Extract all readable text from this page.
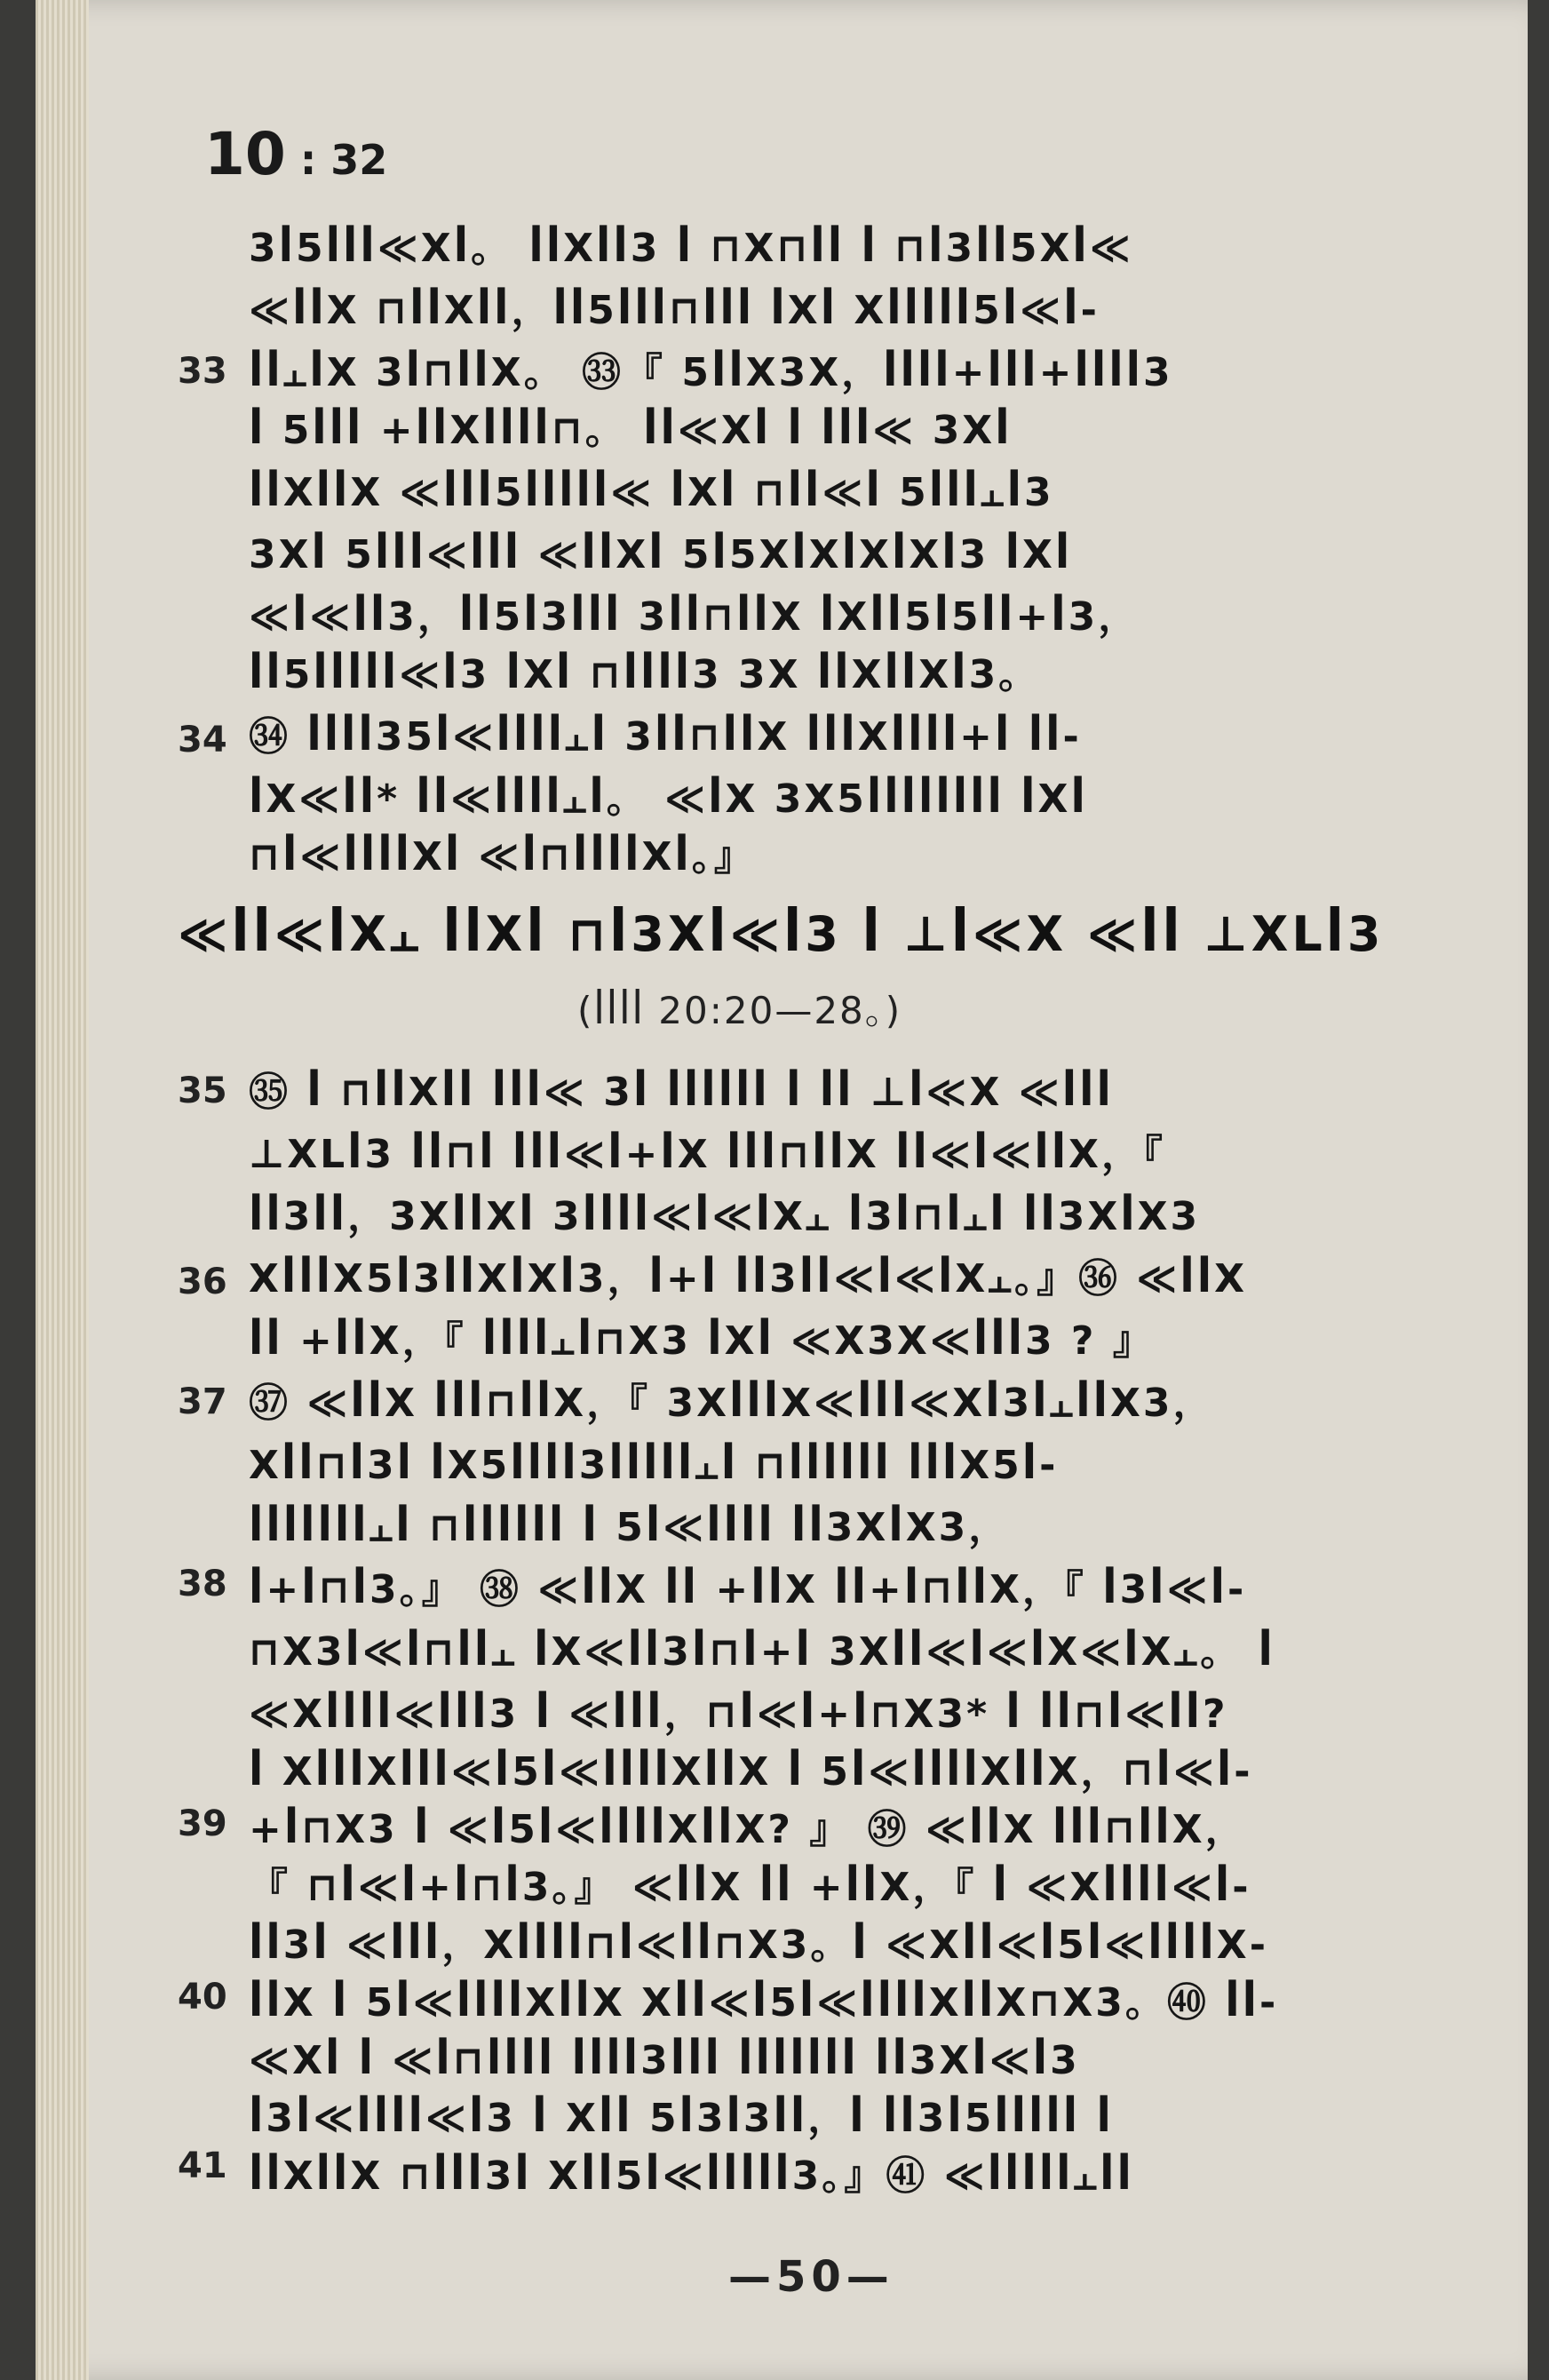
10 : 32
3ꟾ5ꟾꟾꟾ≪Ⅹꟾ。 ꟾꟾⅩꟾꟾ3 ꟾ ⊓Ⅹ⊓ꟾꟾ ꟾ ⊓ꟾ3ꟾꟾ5Ⅹꟾ≪
≪ꟾꟾⅩ ⊓ꟾꟾⅩꟾꟾ，ꟾꟾ5ꟾꟾꟾ⊓ꟾꟾꟾ ꟾⅩꟾ Ⅹꟾꟾꟾꟾꟾ5ꟾ≪ꟾ-
ꟾꟾ⫠ꟾⅩ 3ꟾ⊓ꟾꟾⅩ。 ㉝『 5ꟾꟾⅩ3Ⅹ，ꟾꟾꟾꟾ+ꟾꟾꟾ+ꟾꟾꟾꟾ3
ꟾ 5ꟾꟾꟾ +ꟾꟾⅩꟾꟾꟾꟾ⊓。 ꟾꟾ≪Ⅹꟾ ꟾ ꟾꟾꟾ≪ 3Ⅹꟾ
ꟾꟾⅩꟾꟾⅩ ≪ꟾꟾꟾ5ꟾꟾꟾꟾꟾ≪ ꟾⅩꟾ ⊓ꟾꟾ≪ꟾ 5ꟾꟾꟾ⫠ꟾ3
3Ⅹꟾ 5ꟾꟾꟾ≪ꟾꟾꟾ ≪ꟾꟾⅩꟾ 5ꟾ5ⅩꟾⅩꟾⅩꟾⅩꟾ3 ꟾⅩꟾ
≪ꟾ≪ꟾꟾ3，ꟾꟾ5ꟾ3ꟾꟾꟾ 3ꟾꟾ⊓ꟾꟾⅩ ꟾⅩꟾꟾ5ꟾ5ꟾꟾ+ꟾ3，
ꟾꟾ5ꟾꟾꟾꟾꟾ≪ꟾ3 ꟾⅩꟾ ⊓ꟾꟾꟾꟾ3 3Ⅹ ꟾꟾⅩꟾꟾⅩꟾ3。
㉞ ꟾꟾꟾꟾ35ꟾ≪ꟾꟾꟾꟾ⫠ꟾ 3ꟾꟾ⊓ꟾꟾⅩ ꟾꟾꟾⅩꟾꟾꟾꟾ+ꟾ ꟾꟾ-
ꟾⅩ≪ꟾꟾ* ꟾꟾ≪ꟾꟾꟾꟾ⫠ꟾ。 ≪ꟾⅩ 3Ⅹ5ꟾꟾꟾꟾꟾꟾꟾꟾ ꟾⅩꟾ
⊓ꟾ≪ꟾꟾꟾꟾⅩꟾ ≪ꟾ⊓ꟾꟾꟾꟾⅩꟾ。』
㉟ ꟾ ⊓ꟾꟾⅩꟾꟾ ꟾꟾꟾ≪ 3ꟾ ꟾꟾꟾꟾꟾꟾ ꟾ ꟾꟾ ⊥ꟾ≪Ⅹ ≪ꟾꟾꟾ
⊥ⅩⅬꟾ3 ꟾꟾ⊓ꟾ ꟾꟾꟾ≪ꟾ+ꟾⅩ ꟾꟾꟾ⊓ꟾꟾⅩ ꟾꟾ≪ꟾ≪ꟾꟾⅩ，『
ꟾꟾ3ꟾꟾ，3ⅩꟾꟾⅩꟾ 3ꟾꟾꟾꟾ≪ꟾ≪ꟾⅩ⫠ ꟾ3ꟾ⊓ꟾ⫠ꟾ ꟾꟾ3ⅩꟾⅩ3
ⅩꟾꟾꟾⅩ5ꟾ3ꟾꟾⅩꟾⅩꟾ3，ꟾ+ꟾ ꟾꟾ3ꟾꟾ≪ꟾ≪ꟾⅩ⫠。』㊱ ≪ꟾꟾⅩ
ꟾꟾ +ꟾꟾⅩ，『 ꟾꟾꟾꟾ⫠ꟾ⊓Ⅹ3 ꟾⅩꟾ ≪Ⅹ3Ⅹ≪ꟾꟾꟾ3 ? 』
㊲ ≪ꟾꟾⅩ ꟾꟾꟾ⊓ꟾꟾⅩ，『 3ⅩꟾꟾꟾⅩ≪ꟾꟾꟾ≪Ⅹꟾ3ꟾ⫠ꟾꟾⅩ3，
Ⅹꟾꟾ⊓ꟾ3ꟾ ꟾⅩ5ꟾꟾꟾꟾ3ꟾꟾꟾꟾꟾ⫠ꟾ ⊓ꟾꟾꟾꟾꟾꟾ ꟾꟾꟾⅩ5ꟾ-
ꟾꟾꟾꟾꟾꟾꟾ⫠ꟾ ⊓ꟾꟾꟾꟾꟾꟾ ꟾ 5ꟾ≪ꟾꟾꟾꟾ ꟾꟾ3ⅩꟾⅩ3，
ꟾ+ꟾ⊓ꟾ3。』 ㊳ ≪ꟾꟾⅩ ꟾꟾ +ꟾꟾⅩ ꟾꟾ+ꟾ⊓ꟾꟾⅩ，『 ꟾ3ꟾ≪ꟾ-
⊓Ⅹ3ꟾ≪ꟾ⊓ꟾꟾ⫠ ꟾⅩ≪ꟾꟾ3ꟾ⊓ꟾ+ꟾ 3Ⅹꟾꟾ≪ꟾ≪ꟾⅩ≪ꟾⅩ⫠。 ꟾ
≪Ⅹꟾꟾꟾꟾ≪ꟾꟾꟾ3 ꟾ ≪ꟾꟾꟾ，⊓ꟾ≪ꟾ+ꟾ⊓Ⅹ3* ꟾ ꟾꟾ⊓ꟾ≪ꟾꟾ?
ꟾ ⅩꟾꟾꟾⅩꟾꟾꟾ≪ꟾ5ꟾ≪ꟾꟾꟾꟾⅩꟾꟾⅩ ꟾ 5ꟾ≪ꟾꟾꟾꟾⅩꟾꟾⅩ，⊓ꟾ≪ꟾ-
+ꟾ⊓Ⅹ3 ꟾ ≪ꟾ5ꟾ≪ꟾꟾꟾꟾⅩꟾꟾⅩ? 』 ㊴ ≪ꟾꟾⅩ ꟾꟾꟾ⊓ꟾꟾⅩ，
『 ⊓ꟾ≪ꟾ+ꟾ⊓ꟾ3。』 ≪ꟾꟾⅩ ꟾꟾ +ꟾꟾⅩ，『 ꟾ ≪Ⅹꟾꟾꟾꟾ≪ꟾ-
ꟾꟾ3ꟾ ≪ꟾꟾꟾ，Ⅹꟾꟾꟾꟾ⊓ꟾ≪ꟾꟾ⊓Ⅹ3。ꟾ ≪Ⅹꟾꟾ≪ꟾ5ꟾ≪ꟾꟾꟾꟾⅩ-
ꟾꟾⅩ ꟾ 5ꟾ≪ꟾꟾꟾꟾⅩꟾꟾⅩ Ⅹꟾꟾ≪ꟾ5ꟾ≪ꟾꟾꟾꟾⅩꟾꟾⅩ⊓Ⅹ3。㊵ ꟾꟾ-
≪Ⅹꟾ ꟾ ≪ꟾ⊓ꟾꟾꟾꟾ ꟾꟾꟾꟾ3ꟾꟾꟾ ꟾꟾꟾꟾꟾꟾꟾ ꟾꟾ3Ⅹꟾ≪ꟾ3
ꟾ3ꟾ≪ꟾꟾꟾꟾ≪ꟾ3 ꟾ Ⅹꟾꟾ 5ꟾ3ꟾ3ꟾꟾ，ꟾ ꟾꟾ3ꟾ5ꟾꟾꟾꟾꟾ ꟾ
ꟾꟾⅩꟾꟾⅩ ⊓ꟾꟾꟾ3ꟾ Ⅹꟾꟾ5ꟾ≪ꟾꟾꟾꟾꟾ3。』㊶ ≪ꟾꟾꟾꟾꟾ⫠ꟾꟾ
33
34
35
36
37
38
39
40
41
≪ꟾꟾ≪ꟾⅩ⫠ ꟾꟾⅩꟾ ⊓ꟾ3Ⅹꟾ≪ꟾ3 ꟾ ⊥ꟾ≪Ⅹ ≪ꟾꟾ ⊥ⅩⅬꟾ3
(ꟾꟾꟾꟾ 20:20—28。)
—50—
